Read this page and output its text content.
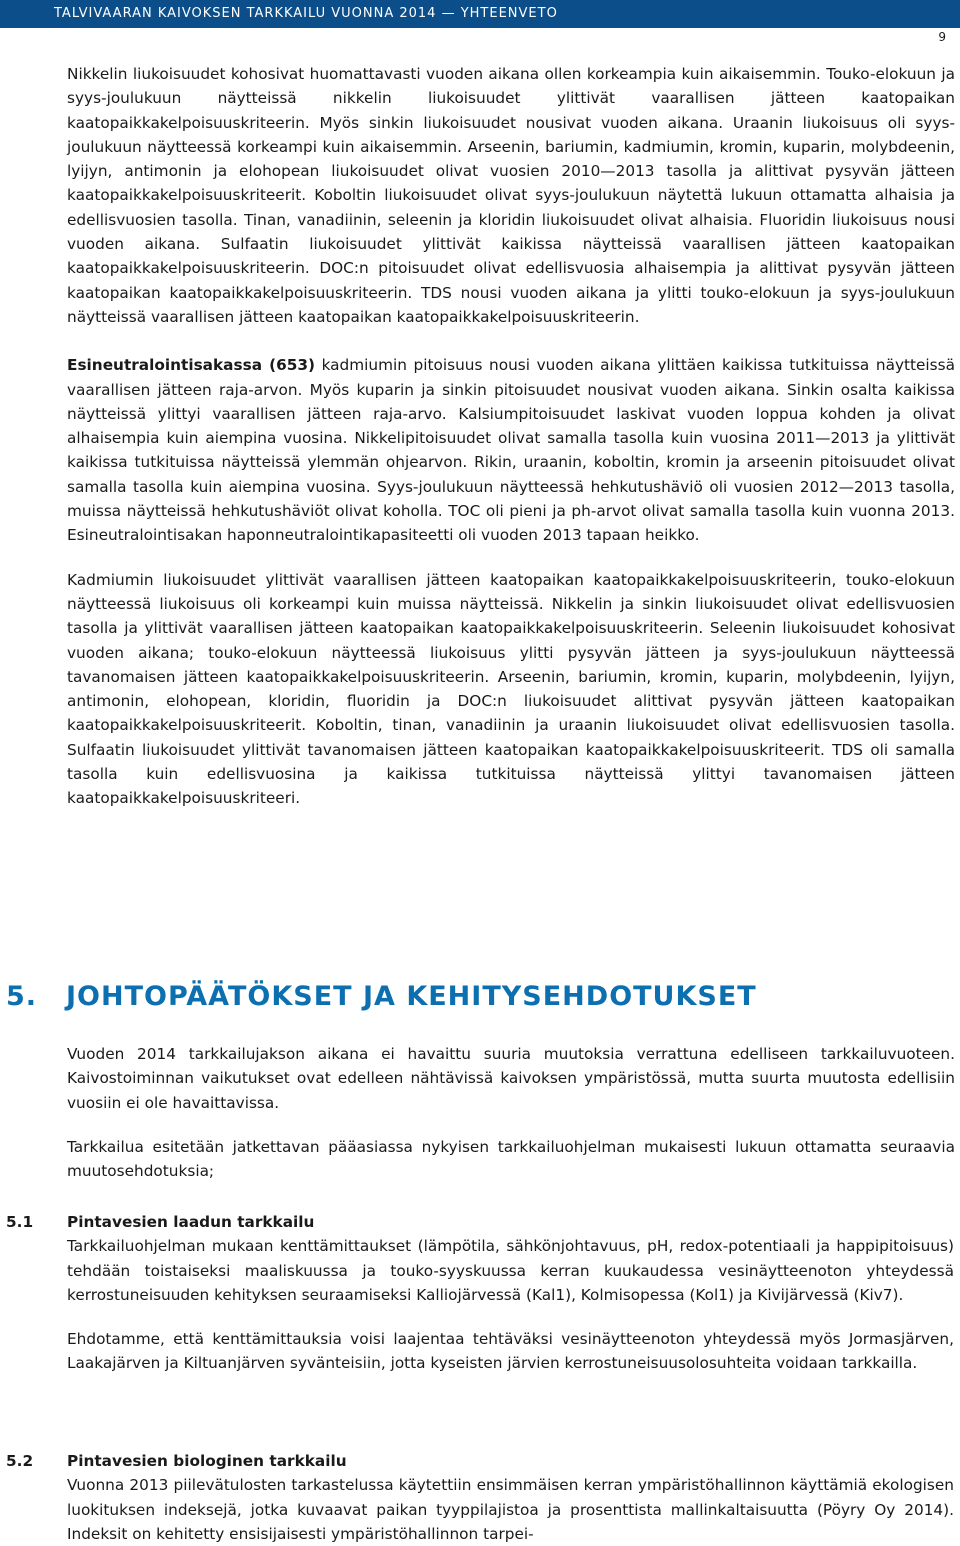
TALVIVAARAN KAIVOKSEN TARKKAILU VUONNA 2014 — YHTEENVETO
9

Nikkelin liukoisuudet kohosivat huomattavasti vuoden aikana ollen korkeampia kuin aikaisemmin. Touko-elokuun ja syys-joulukuun näytteissä nikkelin liukoisuudet ylittivät vaarallisen jätteen kaatopaikan kaatopaikkakelpoisuuskriteerin. Myös sinkin liukoisuudet nousivat vuoden aikana. Uraanin liukoisuus oli syys-joulukuun näytteessä korkeampi kuin aikaisemmin. Arseenin, bariumin, kadmiumin, kromin, kuparin, molybdeenin, lyijyn, antimonin ja elohopean liukoisuudet olivat vuosien 2010—2013 tasolla ja alittivat pysyvän jätteen kaatopaikkakelpoisuuskriteerit. Koboltin liukoisuudet olivat syys-joulukuun näytettä lukuun ottamatta alhaisia ja edellisvuosien tasolla. Tinan, vanadiinin, seleenin ja kloridin liukoisuudet olivat alhaisia. Fluoridin liukoisuus nousi vuoden aikana. Sulfaatin liukoisuudet ylittivät kaikissa näytteissä vaarallisen jätteen kaatopaikan kaatopaikkakelpoisuuskriteerin. DOC:n pitoisuudet olivat edellisvuosia alhaisempia ja alittivat pysyvän jätteen kaatopaikan kaatopaikkakelpoisuuskriteerin. TDS nousi vuoden aikana ja ylitti touko-elokuun ja syys-joulukuun näytteissä vaarallisen jätteen kaatopaikan kaatopaikkakelpoisuuskriteerin.

Esineutralointisakassa (653) kadmiumin pitoisuus nousi vuoden aikana ylittäen kaikissa tutkituissa näytteissä vaarallisen jätteen raja-arvon. Myös kuparin ja sinkin pitoisuudet nousivat vuoden aikana. Sinkin osalta kaikissa näytteissä ylittyi vaarallisen jätteen raja-arvo. Kalsiumpitoisuudet laskivat vuoden loppua kohden ja olivat alhaisempia kuin aiempina vuosina. Nikkelipitoisuudet olivat samalla tasolla kuin vuosina 2011—2013 ja ylittivät kaikissa tutkituissa näytteissä ylemmän ohjearvon. Rikin, uraanin, koboltin, kromin ja arseenin pitoisuudet olivat samalla tasolla kuin aiempina vuosina. Syys-joulukuun näytteessä hehkutushäviö oli vuosien 2012—2013 tasolla, muissa näytteissä hehkutushäviöt olivat koholla. TOC oli pieni ja ph-arvot olivat samalla tasolla kuin vuonna 2013. Esineutralointisakan haponneutralointikapasiteetti oli vuoden 2013 tapaan heikko.

Kadmiumin liukoisuudet ylittivät vaarallisen jätteen kaatopaikan kaatopaikkakelpoisuuskriteerin, touko-elokuun näytteessä liukoisuus oli korkeampi kuin muissa näytteissä. Nikkelin ja sinkin liukoisuudet olivat edellisvuosien tasolla ja ylittivät vaarallisen jätteen kaatopaikan kaatopaikkakelpoisuuskriteerin. Seleenin liukoisuudet kohosivat vuoden aikana; touko-elokuun näytteessä liukoisuus ylitti pysyvän jätteen ja syys-joulukuun näytteessä tavanomaisen jätteen kaatopaikkakelpoisuuskriteerin. Arseenin, bariumin, kromin, kuparin, molybdeenin, lyijyn, antimonin, elohopean, kloridin, fluoridin ja DOC:n liukoisuudet alittivat pysyvän jätteen kaatopaikan kaatopaikkakelpoisuuskriteerit. Koboltin, tinan, vanadiinin ja uraanin liukoisuudet olivat edellisvuosien tasolla. Sulfaatin liukoisuudet ylittivät tavanomaisen jätteen kaatopaikan kaatopaikkakelpoisuuskriteerit. TDS oli samalla tasolla kuin edellisvuosina ja kaikissa tutkituissa näytteissä ylittyi tavanomaisen jätteen kaatopaikkakelpoisuuskriteeri.

5. JOHTOPÄÄTÖKSET JA KEHITYSEHDOTUKSET

Vuoden 2014 tarkkailujakson aikana ei havaittu suuria muutoksia verrattuna edelliseen tarkkailuvuoteen. Kaivostoiminnan vaikutukset ovat edelleen nähtävissä kaivoksen ympäristössä, mutta suurta muutosta edellisiin vuosiin ei ole havaittavissa.

Tarkkailua esitetään jatkettavan pääasiassa nykyisen tarkkailuohjelman mukaisesti lukuun ottamatta seuraavia muutosehdotuksia;

5.1 Pintavesien laadun tarkkailu

Tarkkailuohjelman mukaan kenttämittaukset (lämpötila, sähkönjohtavuus, pH, redox-potentiaali ja happipitoisuus) tehdään toistaiseksi maaliskuussa ja touko-syyskuussa kerran kuukaudessa vesinäytteenoton yhteydessä kerrostuneisuuden kehityksen seuraamiseksi Kalliojärvessä (Kal1), Kolmisopessa (Kol1) ja Kivijärvessä (Kiv7).

Ehdotamme, että kenttämittauksia voisi laajentaa tehtäväksi vesinäytteenoton yhteydessä myös Jormasjärven, Laakajärven ja Kiltuanjärven syvänteisiin, jotta kyseisten järvien kerrostuneisuusolosuhteita voidaan tarkkailla.

5.2 Pintavesien biologinen tarkkailu

Vuonna 2013 piilevätulosten tarkastelussa käytettiin ensimmäisen kerran ympäristöhallinnon käyttämiä ekologisen luokituksen indeksejä, jotka kuvaavat paikan tyyppilajistoa ja prosenttista mallinkaltaisuutta (Pöyry Oy 2014). Indeksit on kehitetty ensisijaisesti ympäristöhallinnon tarpei-
